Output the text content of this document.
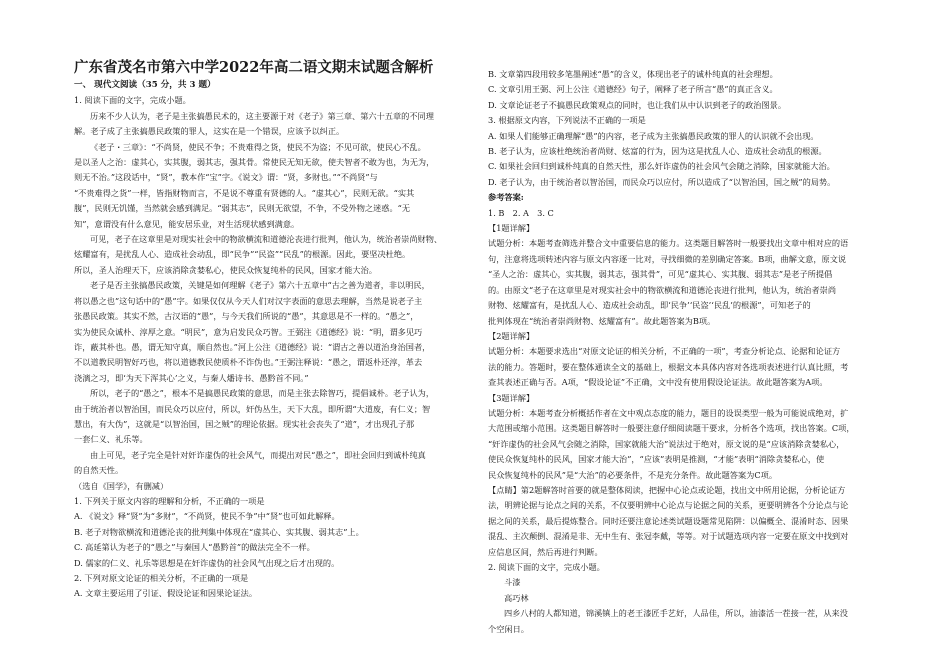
广东省茂名市第六中学2022年高二语文期末试题含解析

一、 现代文阅读（35 分，共 3 题）

1. 阅读下面的文字，完成小题。

历来不少人认为，老子是主张搞愚民术的，这主要源于对《老子》第三章、第六十五章的不同理

解。老子成了主张搞愚民政策的罪人，这实在是一个错误，应该予以纠正。

《老子・三章》：“不尚贤，使民不争；不贵难得之货，使民不为盗；不见可欲，使民心不乱。

是以圣人之治：虚其心，实其腹，弱其志，强其骨。常使民无知无欲，使夫智者不敢为也，为无为，

则无不治。”这段话中，“贤”，教本作“宝”字。《说文》谓：“贤，多财也。”“不尚贤”与

“不贵难得之货”一样，皆指财物而言，不是说不尊重有贤德的人。“虚其心”，民则无欲。“实其

腹”，民则无饥馑，当然就会感到满足。“弱其志”，民则无欲望，不争，不受外物之迷惑。“无

知”，意谓没有什么意见，能安居乐业，对生活现状感到满意。

可见，老子在这章里是对现实社会中的物欲横流和道德沦丧进行批判，他认为，统治者崇尚财物、

炫耀富有，是扰乱人心、造成社会动乱，即“民争”“民盗”“民乱”的根源。因此，要坚决杜绝。

所以，圣人治理天下，应该消除贪婪私心，使民众恢复纯朴的民风，国家才能大治。

老子是否主张搞愚民政策，关键是如何理解《老子》第六十五章中“古之善为道者，非以明民，

将以愚之也”这句话中的“愚”字。如果仅仅从今天人们对汉字表面的意思去理解，当然是说老子主

张愚民政策。其实不然，古汉语的“愚”，与今天我们所说的“愚”，其意思是不一样的。“愚之”，

实为使民众诚朴、淳厚之意。“明民”，意为启发民众巧智。王弼注《道德经》说：“明，谓多见巧

诈，蔽其朴也。愚，谓无知守真，顺自然也。”河上公注《道德经》说：“谓古之善以道治身治国者，

不以道教民明智好巧也，将以道德教民使质朴不诈伪也。”王弼注释说：“愚之，谓返朴还淳，革去

浇漓之习，即‘为天下浑其心’之义，与秦人燔诗书、愚黔首不同。”

所以，老子的“愚之”，根本不是搞愚民政策的意思，而是主张去除智巧，提倡诚朴。老子认为，

由于统治者以智治国，而民众巧以应付，所以，奸伪丛生，天下大乱，即所谓“大道废，有仁义；智

慧出，有大伪”，这就是“以智治国，国之贼”的理论依据。现实社会丧失了“道”，才出现孔子那

一套仁义、礼乐等。

由上可见，老子完全是针对奸诈虚伪的社会风气，而提出对民“愚之”，即社会回归到诚朴纯真

的自然天性。

（选自《国学》，有删减）

1. 下列关于原文内容的理解和分析，不正确的一项是

A. 《说文》释“贤”为“多财”，“不尚贤，使民不争”中“贤”也可如此解释。

B. 老子对物欲横流和道德沦丧的批判集中体现在“虚其心、实其腹、弱其志”上。

C. 高延第认为老子的“愚之”与秦国人“愚黔首”的做法完全不一样。

D. 儒家的仁义、礼乐等思想是在奸诈虚伪的社会风气出现之后才出现的。

2. 下列对原文论证的相关分析，不正确的一项是

A. 文章主要运用了引证、假设论证和因果论证法。

B. 文章第四段用较多笔墨阐述“愚”的含义，体现出老子的诚朴纯真的社会理想。

C. 文章引用王弼、河上公注《道德经》句子，阐释了老子所言“愚”的真正含义。

D. 文章论证老子不搞愚民政策观点的同时，也让我们从中认识到老子的政治图景。

3. 根据原文内容，下列说法不正确的一项是

A. 如果人们能够正确理解“愚”的内容，老子成为主张搞愚民政策的罪人的认识就不会出现。

B. 老子认为，应该杜绝统治者尚财、炫富的行为，因为这是扰乱人心、造成社会动乱的根源。

C. 如果社会回归到诚朴纯真的自然天性，那么奸诈虚伪的社会风气会随之消除，国家就能大治。

D. 老子认为，由于统治者以智治国，而民众巧以应付，所以造成了“以智治国，国之贼”的局势。

参考答案:

1. B　2. A　3. C

【1题详解】

试题分析：本题考查筛选并整合文中重要信息的能力。这类题目解答时一般要找出文章中相对应的语

句，注意将选项转述内容与原文内容逐一比对，寻找细微的差别确定答案。B项，曲解文意，原文说

“圣人之治：虚其心，实其腹，弱其志，强其骨”，可见“虚其心、实其腹、弱其志”是老子所提倡

的。由原文“老子在这章里是对现实社会中的物欲横流和道德沦丧进行批判，他认为，统治者崇尚

财物、炫耀富有，是扰乱人心、造成社会动乱，即‘民争’‘民盗’‘民乱’的根源”，可知老子的

批判体现在“统治者崇尚财物、炫耀富有”。故此题答案为B项。

【2题详解】

试题分析：本题要求选出“对原文论证的相关分析，不正确的一项”，考查分析论点、论据和论证方

法的能力。答题时，要在整体通读全文的基础上，根据文本具体内容对各选项表述进行认真比照，考

查其表述正确与否。A项，“假设论证”不正确，文中没有使用假设论证法。故此题答案为A项。

【3题详解】

试题分析：本题考查分析概括作者在文中观点态度的能力，题目的设误类型一般为可能说成绝对，扩

大范围或缩小范围。这类题目解答时一般要注意仔细阅读题干要求，分析各个选项，找出答案。C项，

“奸诈虚伪的社会风气会随之消除，国家就能大治”说法过于绝对，原文说的是“应该消除贪婪私心，

使民众恢复纯朴的民风，国家才能大治”，“应该”表明是推测，“才能”表明“消除贪婪私心，使

民众恢复纯朴的民风”是“大治”的必要条件，不是充分条件。故此题答案为C项。

【点睛】第2题解答时首要的就是整体阅读，把握中心论点或论题，找出文中所用论据，分析论证方

法，明辨论据与论点之间的关系，不仅要明辨中心论点与论据之间的关系，更要明辨各个分论点与论

据之间的关系，最后提炼整合。同时还要注意论述类试题设题常见陷阱：以偏概全、混淆时态、因果

混乱、主次颠倒、混淆是非、无中生有、张冠李戴，等等。对于试题选项内容一定要在原文中找到对

应信息区间，然后再进行判断。

2. 阅读下面的文字，完成小题。

斗漆

高巧林

四乡八村的人都知道，锦溪镇上的老王漆匠手艺好，人品佳，所以，油漆活一茬接一茬，从来没

个空闲日。
